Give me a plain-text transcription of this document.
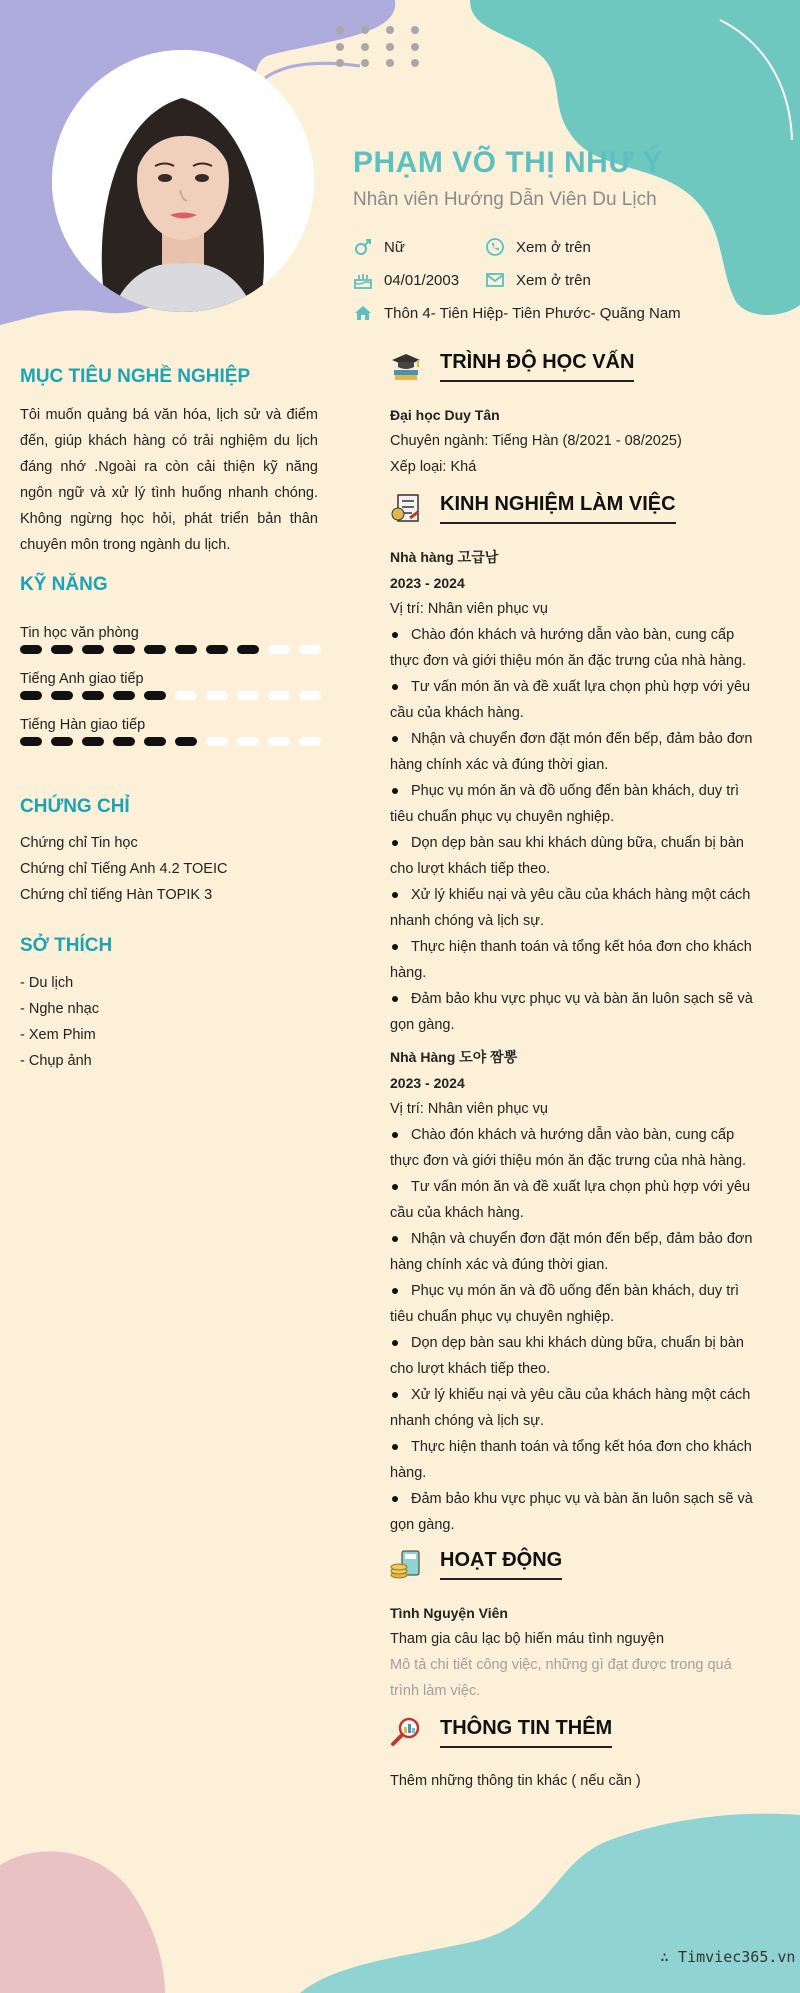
PHẠM VÕ THỊ NHƯ Ý
Nhân viên Hướng Dẫn Viên Du Lịch
Nữ	Xem ở trên
04/01/2003	Xem ở trên
Thôn 4- Tiên Hiệp- Tiên Phước- Quãng Nam
MỤC TIÊU NGHỀ NGHIỆP
Tôi muốn quảng bá văn hóa, lịch sử và điểm đến, giúp khách hàng có trải nghiệm du lịch đáng nhớ .Ngoài ra còn cải thiện kỹ năng ngôn ngữ và xử lý tình huống nhanh chóng. Không ngừng học hỏi, phát triển bản thân chuyên môn trong ngành du lịch.
KỸ NĂNG
Tin học văn phòng
Tiếng Anh giao tiếp
Tiếng Hàn giao tiếp
CHỨNG CHỈ
Chứng chỉ Tin học
Chứng chỉ Tiếng Anh 4.2 TOEIC
Chứng chỉ tiếng Hàn TOPIK 3
SỞ THÍCH
- Du lịch
- Nghe nhạc
- Xem Phim
- Chụp ảnh
TRÌNH ĐỘ HỌC VẤN
Đại học Duy Tân
Chuyên ngành: Tiếng Hàn (8/2021 - 08/2025)
Xếp loại: Khá
KINH NGHIỆM LÀM VIỆC
Nhà hàng 고급남
2023 - 2024
Vị trí: Nhân viên phục vụ
Chào đón khách và hướng dẫn vào bàn, cung cấp thực đơn và giới thiệu món ăn đặc trưng của nhà hàng.
Tư vấn món ăn và đề xuất lựa chọn phù hợp với yêu cầu của khách hàng.
Nhận và chuyển đơn đặt món đến bếp, đảm bảo đơn hàng chính xác và đúng thời gian.
Phục vụ món ăn và đồ uống đến bàn khách, duy trì tiêu chuẩn phục vụ chuyên nghiệp.
Dọn dẹp bàn sau khi khách dùng bữa, chuẩn bị bàn cho lượt khách tiếp theo.
Xử lý khiếu nại và yêu cầu của khách hàng một cách nhanh chóng và lịch sự.
Thực hiện thanh toán và tổng kết hóa đơn cho khách hàng.
Đảm bảo khu vực phục vụ và bàn ăn luôn sạch sẽ và gọn gàng.
Nhà Hàng 도야 짬뽕
2023 - 2024
Vị trí: Nhân viên phục vụ
Chào đón khách và hướng dẫn vào bàn, cung cấp thực đơn và giới thiệu món ăn đặc trưng của nhà hàng.
Tư vấn món ăn và đề xuất lựa chọn phù hợp với yêu cầu của khách hàng.
Nhận và chuyển đơn đặt món đến bếp, đảm bảo đơn hàng chính xác và đúng thời gian.
Phục vụ món ăn và đồ uống đến bàn khách, duy trì tiêu chuẩn phục vụ chuyên nghiệp.
Dọn dẹp bàn sau khi khách dùng bữa, chuẩn bị bàn cho lượt khách tiếp theo.
Xử lý khiếu nại và yêu cầu của khách hàng một cách nhanh chóng và lịch sự.
Thực hiện thanh toán và tổng kết hóa đơn cho khách hàng.
Đảm bảo khu vực phục vụ và bàn ăn luôn sạch sẽ và gọn gàng.
HOẠT ĐỘNG
Tình Nguyện Viên
Tham gia câu lạc bộ hiến máu tình nguyện
Mô tả chi tiết công việc, những gì đạt được trong quá trình làm việc.
THÔNG TIN THÊM
Thêm những thông tin khác ( nếu cần )
∴ Timviec365.vn
